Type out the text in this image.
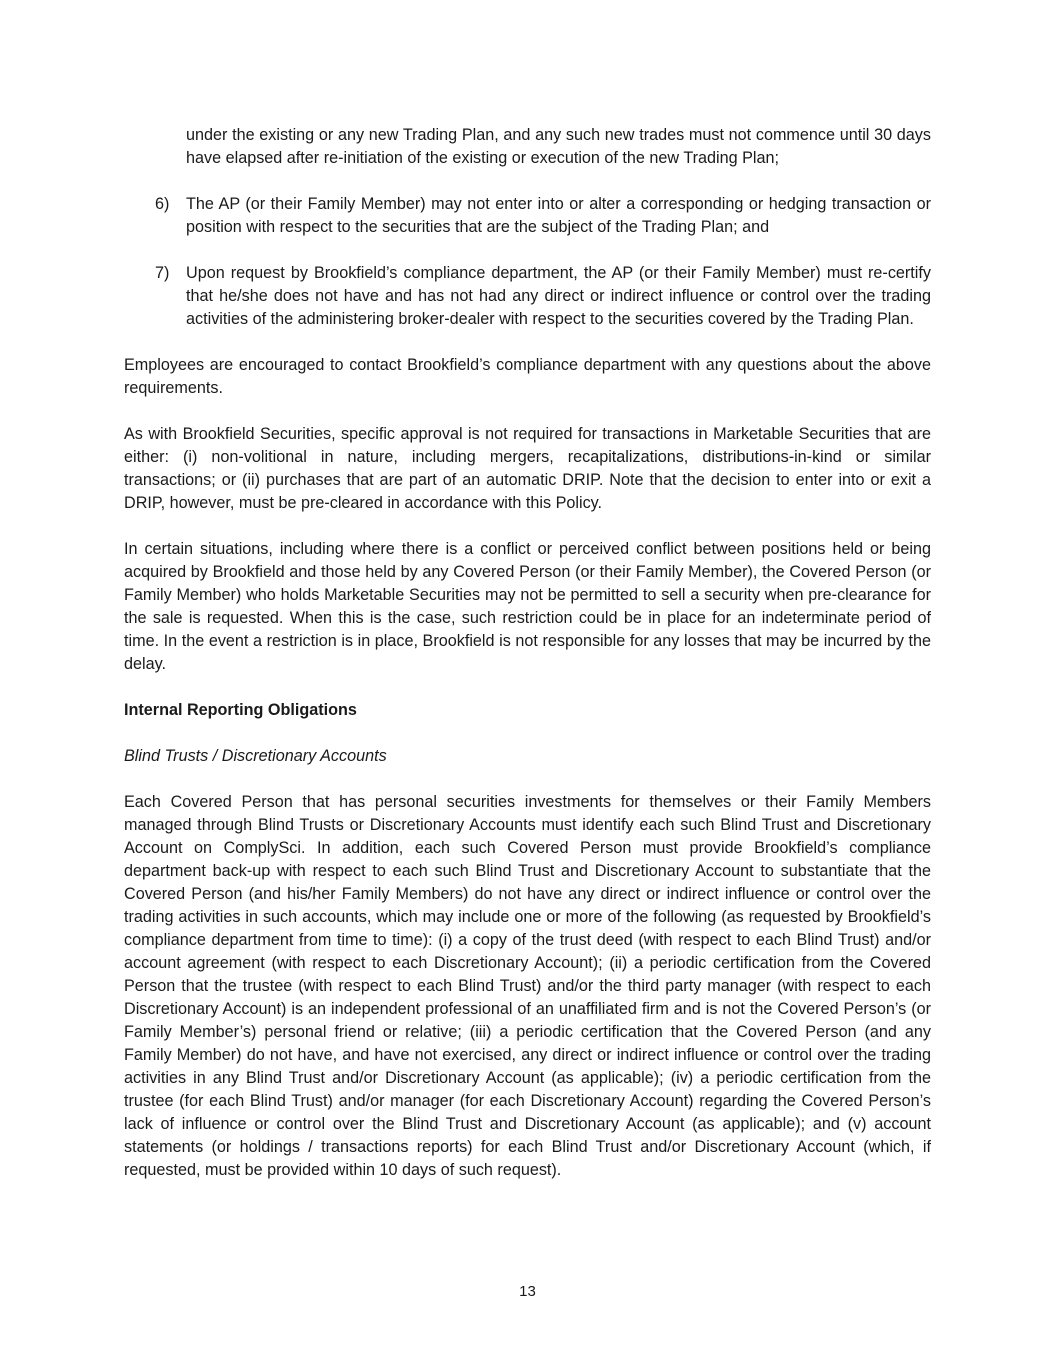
under the existing or any new Trading Plan, and any such new trades must not commence until 30 days have elapsed after re-initiation of the existing or execution of the new Trading Plan;

6) The AP (or their Family Member) may not enter into or alter a corresponding or hedging transaction or position with respect to the securities that are the subject of the Trading Plan; and
7) Upon request by Brookfield’s compliance department, the AP (or their Family Member) must re-certify that he/she does not have and has not had any direct or indirect influence or control over the trading activities of the administering broker-dealer with respect to the securities covered by the Trading Plan.

Employees are encouraged to contact Brookfield’s compliance department with any questions about the above requirements.

As with Brookfield Securities, specific approval is not required for transactions in Marketable Securities that are either: (i) non-volitional in nature, including mergers, recapitalizations, distributions-in-kind or similar transactions; or (ii) purchases that are part of an automatic DRIP. Note that the decision to enter into or exit a DRIP, however, must be pre-cleared in accordance with this Policy.

In certain situations, including where there is a conflict or perceived conflict between positions held or being acquired by Brookfield and those held by any Covered Person (or their Family Member), the Covered Person (or Family Member) who holds Marketable Securities may not be permitted to sell a security when pre-clearance for the sale is requested. When this is the case, such restriction could be in place for an indeterminate period of time. In the event a restriction is in place, Brookfield is not responsible for any losses that may be incurred by the delay.

Internal Reporting Obligations

Blind Trusts / Discretionary Accounts

Each Covered Person that has personal securities investments for themselves or their Family Members managed through Blind Trusts or Discretionary Accounts must identify each such Blind Trust and Discretionary Account on ComplySci. In addition, each such Covered Person must provide Brookfield’s compliance department back-up with respect to each such Blind Trust and Discretionary Account to substantiate that the Covered Person (and his/her Family Members) do not have any direct or indirect influence or control over the trading activities in such accounts, which may include one or more of the following (as requested by Brookfield’s compliance department from time to time): (i) a copy of the trust deed (with respect to each Blind Trust) and/or account agreement (with respect to each Discretionary Account); (ii) a periodic certification from the Covered Person that the trustee (with respect to each Blind Trust) and/or the third party manager (with respect to each Discretionary Account) is an independent professional of an unaffiliated firm and is not the Covered Person’s (or Family Member’s) personal friend or relative; (iii) a periodic certification that the Covered Person (and any Family Member) do not have, and have not exercised, any direct or indirect influence or control over the trading activities in any Blind Trust and/or Discretionary Account (as applicable); (iv) a periodic certification from the trustee (for each Blind Trust) and/or manager (for each Discretionary Account) regarding the Covered Person’s lack of influence or control over the Blind Trust and Discretionary Account (as applicable); and (v) account statements (or holdings / transactions reports) for each Blind Trust and/or Discretionary Account (which, if requested, must be provided within 10 days of such request).

13
